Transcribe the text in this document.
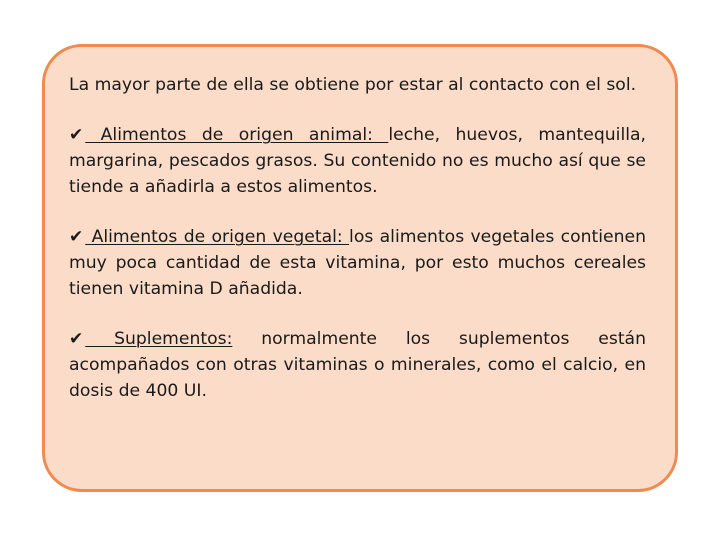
La mayor parte de ella se obtiene por estar al contacto con el sol.

✔ Alimentos de origen animal: leche, huevos, mantequilla, margarina, pescados grasos. Su contenido no es mucho así que se tiende a añadirla a estos alimentos.

✔ Alimentos de origen vegetal: los alimentos vegetales contienen muy poca cantidad de esta vitamina, por esto muchos cereales tienen vitamina D añadida.

✔ Suplementos: normalmente los suplementos están acompañados con otras vitaminas o minerales, como el calcio, en dosis de 400 UI.
